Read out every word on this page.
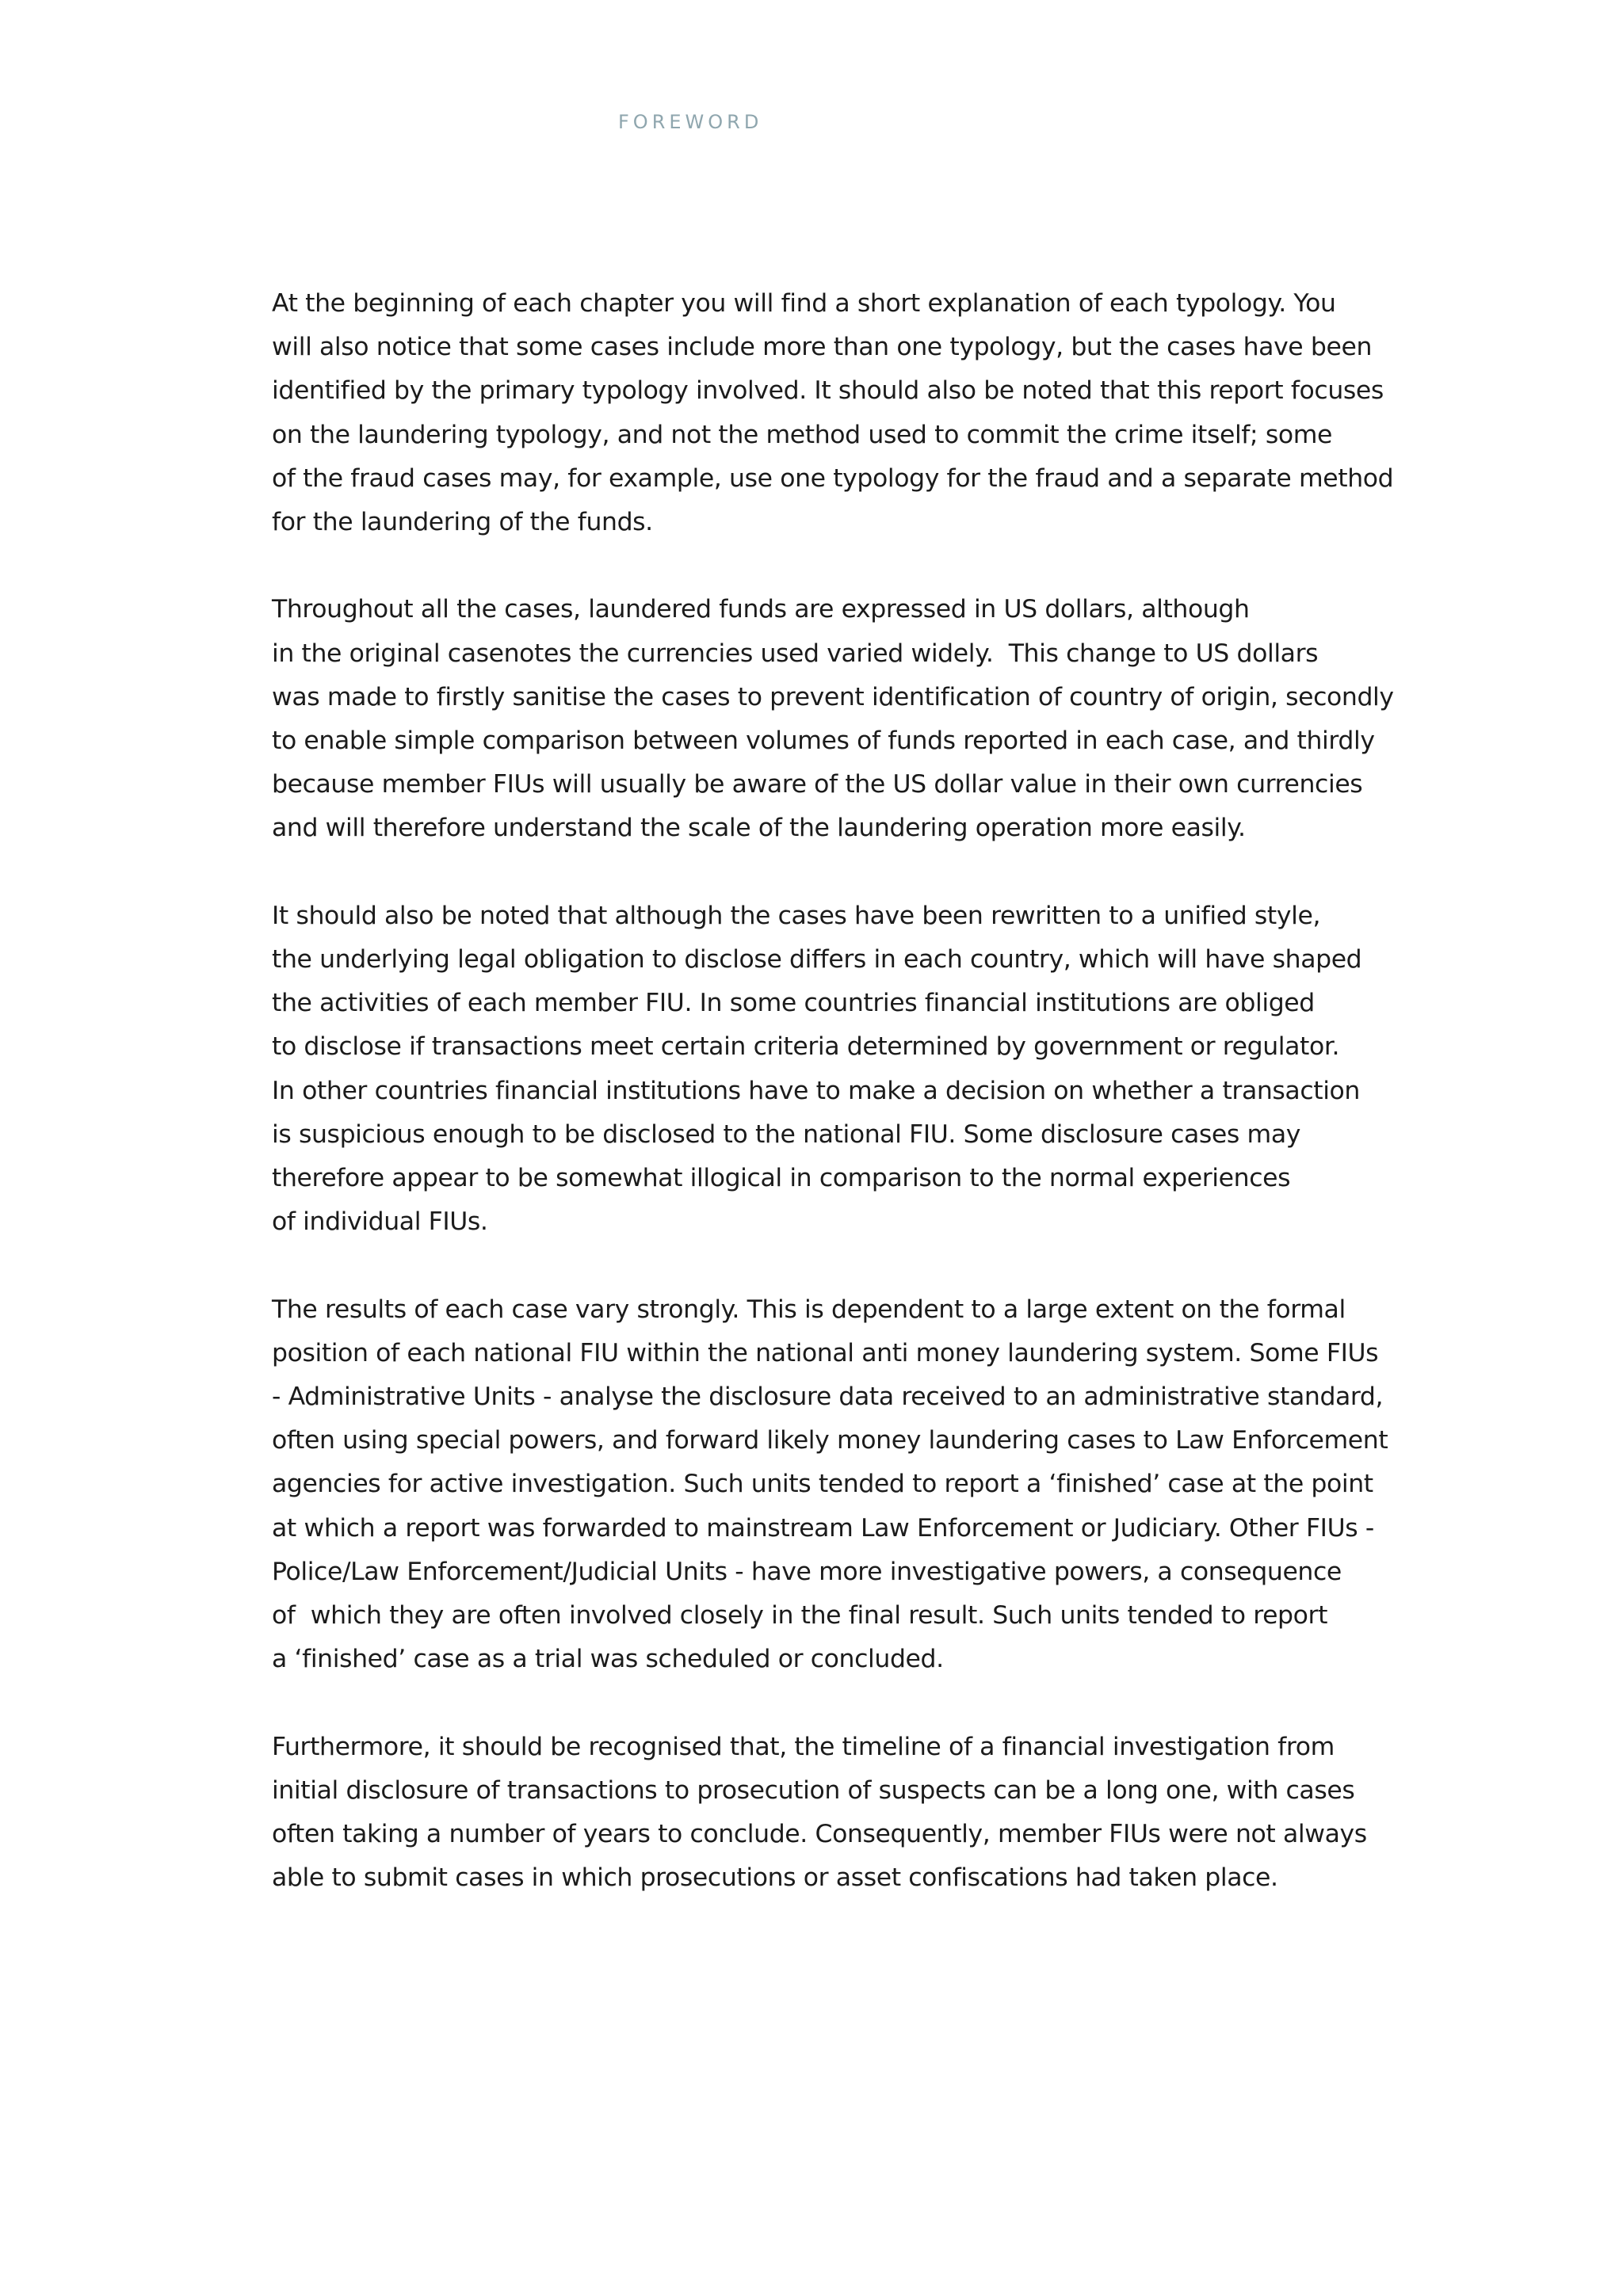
FOREWORD

At the beginning of each chapter you will find a short explanation of each typology. You
will also notice that some cases include more than one typology, but the cases have been
identified by the primary typology involved. It should also be noted that this report focuses
on the laundering typology, and not the method used to commit the crime itself; some
of the fraud cases may, for example, use one typology for the fraud and a separate method
for the laundering of the funds.

Throughout all the cases, laundered funds are expressed in US dollars, although
in the original casenotes the currencies used varied widely.  This change to US dollars
was made to firstly sanitise the cases to prevent identification of country of origin, secondly
to enable simple comparison between volumes of funds reported in each case, and thirdly
because member FIUs will usually be aware of the US dollar value in their own currencies
and will therefore understand the scale of the laundering operation more easily.

It should also be noted that although the cases have been rewritten to a unified style,
the underlying legal obligation to disclose differs in each country, which will have shaped
the activities of each member FIU. In some countries financial institutions are obliged
to disclose if transactions meet certain criteria determined by government or regulator.
In other countries financial institutions have to make a decision on whether a transaction
is suspicious enough to be disclosed to the national FIU. Some disclosure cases may
therefore appear to be somewhat illogical in comparison to the normal experiences
of individual FIUs.

The results of each case vary strongly. This is dependent to a large extent on the formal
position of each national FIU within the national anti money laundering system. Some FIUs
- Administrative Units - analyse the disclosure data received to an administrative standard,
often using special powers, and forward likely money laundering cases to Law Enforcement
agencies for active investigation. Such units tended to report a ‘finished’ case at the point
at which a report was forwarded to mainstream Law Enforcement or Judiciary. Other FIUs -
Police/Law Enforcement/Judicial Units - have more investigative powers, a consequence
of  which they are often involved closely in the final result. Such units tended to report
a ‘finished’ case as a trial was scheduled or concluded.

Furthermore, it should be recognised that, the timeline of a financial investigation from
initial disclosure of transactions to prosecution of suspects can be a long one, with cases
often taking a number of years to conclude. Consequently, member FIUs were not always
able to submit cases in which prosecutions or asset confiscations had taken place.
